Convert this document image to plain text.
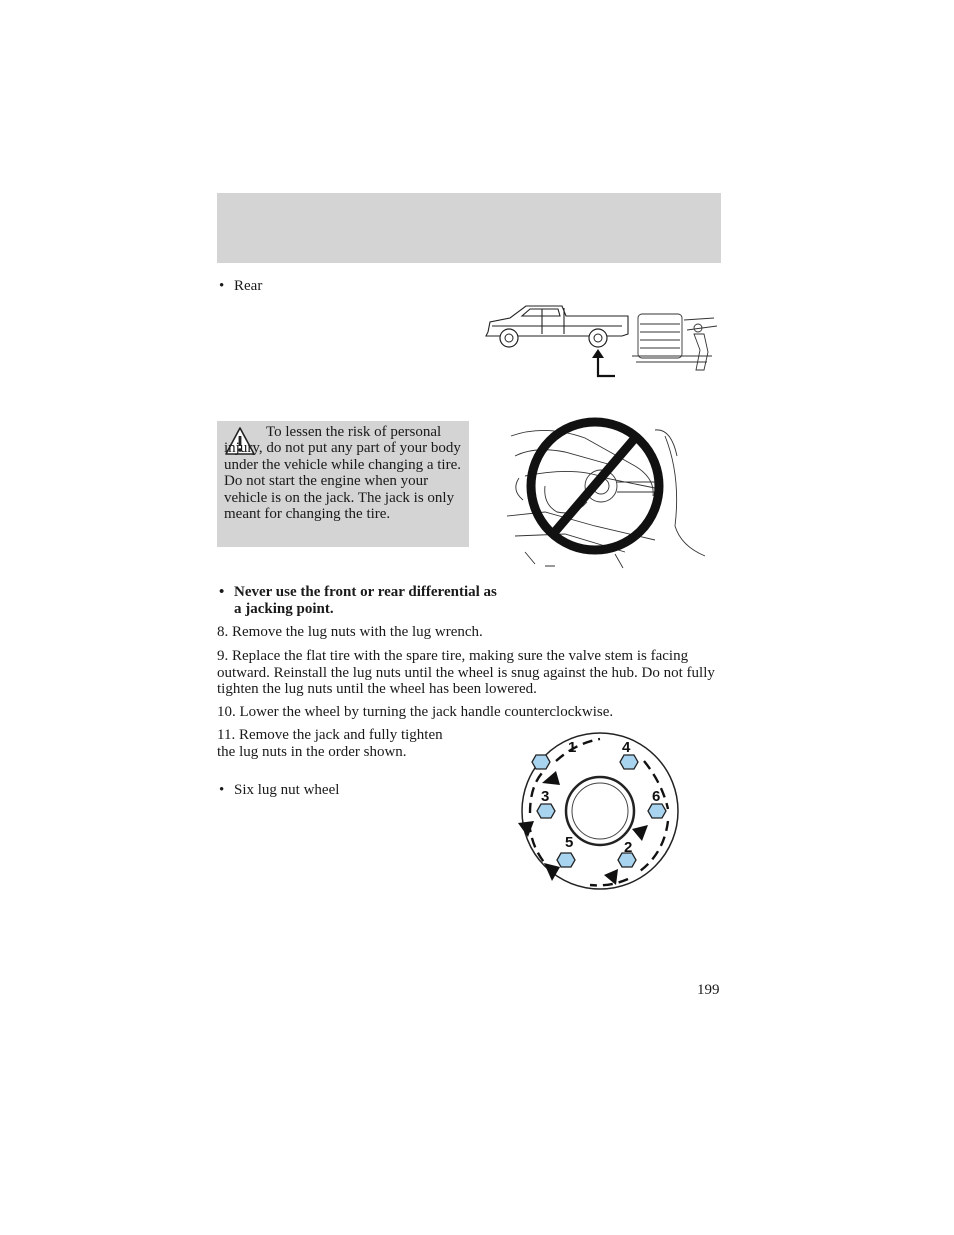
• Rear
To lessen the risk of personal injury, do not put any part of your body under the vehicle while changing a tire. Do not start the engine when your vehicle is on the jack. The jack is only meant for changing the tire.
• Never use the front or rear differential as a jacking point.
8. Remove the lug nuts with the lug wrench.
9. Replace the flat tire with the spare tire, making sure the valve stem is facing outward. Reinstall the lug nuts until the wheel is snug against the hub. Do not fully tighten the lug nuts until the wheel has been lowered.
10. Lower the wheel by turning the jack handle counterclockwise.
11. Remove the jack and fully tighten the lug nuts in the order shown.
• Six lug nut wheel
1
2
3
4
5
6
199
